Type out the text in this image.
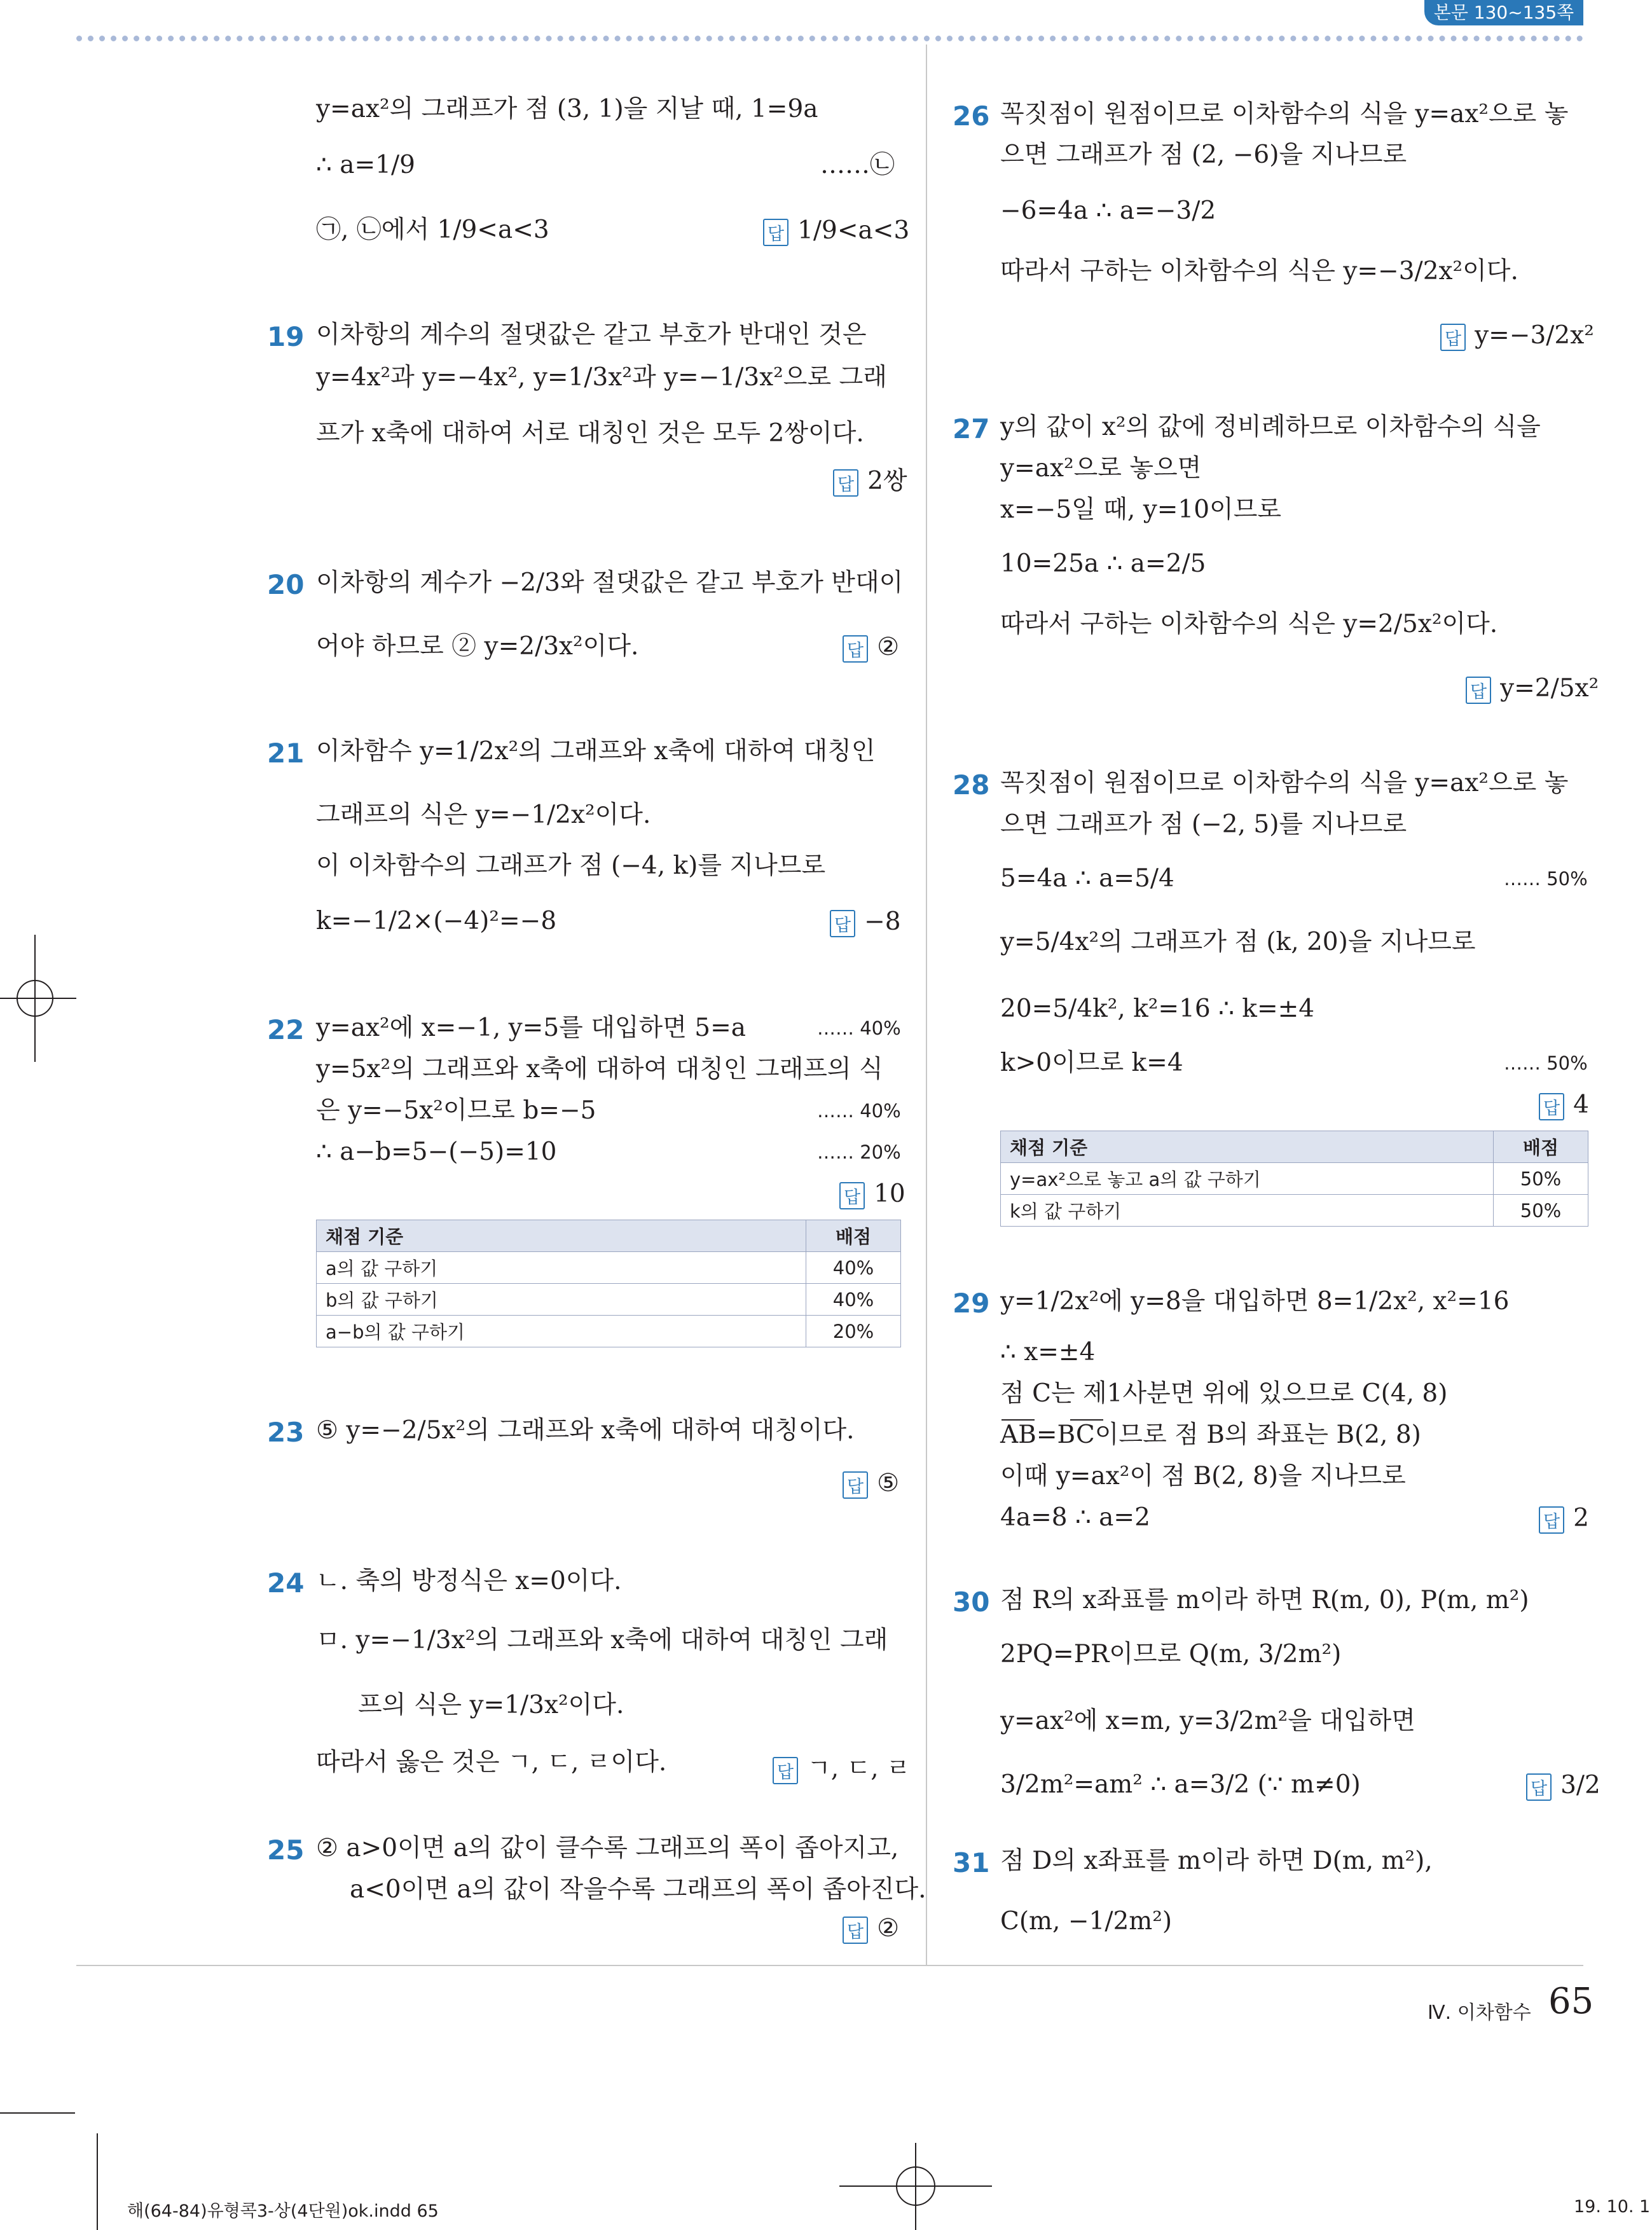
본문 130~135쪽
y=ax²의 그래프가 점 (3, 1)을 지날 때, 1=9a
∴ a=1/9	……㉡
㉠, ㉡에서 1/9<a<3	답 1/9<a<3
19 이차항의 계수의 절댓값은 같고 부호가 반대인 것은
y=4x²과 y=−4x², y=1/3x²과 y=−1/3x²으로 그래
프가 x축에 대하여 서로 대칭인 것은 모두 2쌍이다.
답 2쌍
20 이차항의 계수가 −2/3와 절댓값은 같고 부호가 반대이
어야 하므로 ② y=2/3x²이다.	답 ②
21 이차함수 y=1/2x²의 그래프와 x축에 대하여 대칭인
그래프의 식은 y=−1/2x²이다.
이 이차함수의 그래프가 점 (−4, k)를 지나므로
k=−1/2×(−4)²=−8	답 −8
22 y=ax²에 x=−1, y=5를 대입하면 5=a	…… 40%
y=5x²의 그래프와 x축에 대하여 대칭인 그래프의 식
은 y=−5x²이므로 b=−5	…… 40%
∴ a−b=5−(−5)=10	…… 20%
답 10
채점 기준	배점
a의 값 구하기	40%
b의 값 구하기	40%
a−b의 값 구하기	20%
23 ⑤ y=−2/5x²의 그래프와 x축에 대하여 대칭이다.
답 ⑤
24 ㄴ. 축의 방정식은 x=0이다.
ㅁ. y=−1/3x²의 그래프와 x축에 대하여 대칭인 그래
프의 식은 y=1/3x²이다.
따라서 옳은 것은 ㄱ, ㄷ, ㄹ이다.	답 ㄱ, ㄷ, ㄹ
25 ② a>0이면 a의 값이 클수록 그래프의 폭이 좁아지고,
a<0이면 a의 값이 작을수록 그래프의 폭이 좁아진다.
답 ②
26 꼭짓점이 원점이므로 이차함수의 식을 y=ax²으로 놓
으면 그래프가 점 (2, −6)을 지나므로
−6=4a ∴ a=−3/2
따라서 구하는 이차함수의 식은 y=−3/2x²이다.
답 y=−3/2x²
27 y의 값이 x²의 값에 정비례하므로 이차함수의 식을
y=ax²으로 놓으면
x=−5일 때, y=10이므로
10=25a ∴ a=2/5
따라서 구하는 이차함수의 식은 y=2/5x²이다.
답 y=2/5x²
28 꼭짓점이 원점이므로 이차함수의 식을 y=ax²으로 놓
으면 그래프가 점 (−2, 5)를 지나므로
5=4a ∴ a=5/4	…… 50%
y=5/4x²의 그래프가 점 (k, 20)을 지나므로
20=5/4k², k²=16 ∴ k=±4
k>0이므로 k=4	…… 50%
답 4
채점 기준	배점
y=ax²으로 놓고 a의 값 구하기	50%
k의 값 구하기	50%
29 y=1/2x²에 y=8을 대입하면 8=1/2x², x²=16
∴ x=±4
점 C는 제1사분면 위에 있으므로 C(4, 8)
AB=BC이므로 점 B의 좌표는 B(2, 8)
이때 y=ax²이 점 B(2, 8)을 지나므로
4a=8 ∴ a=2	답 2
30 점 R의 x좌표를 m이라 하면 R(m, 0), P(m, m²)
2PQ=PR이므로 Q(m, 3/2m²)
y=ax²에 x=m, y=3/2m²을 대입하면
3/2m²=am² ∴ a=3/2 (∵ m≠0)	답 3/2
31 점 D의 x좌표를 m이라 하면 D(m, m²),
C(m, −1/2m²)
Ⅳ. 이차함수 65
해(64-84)유형콕3-상(4단원)ok.indd 65	19. 10. 1
